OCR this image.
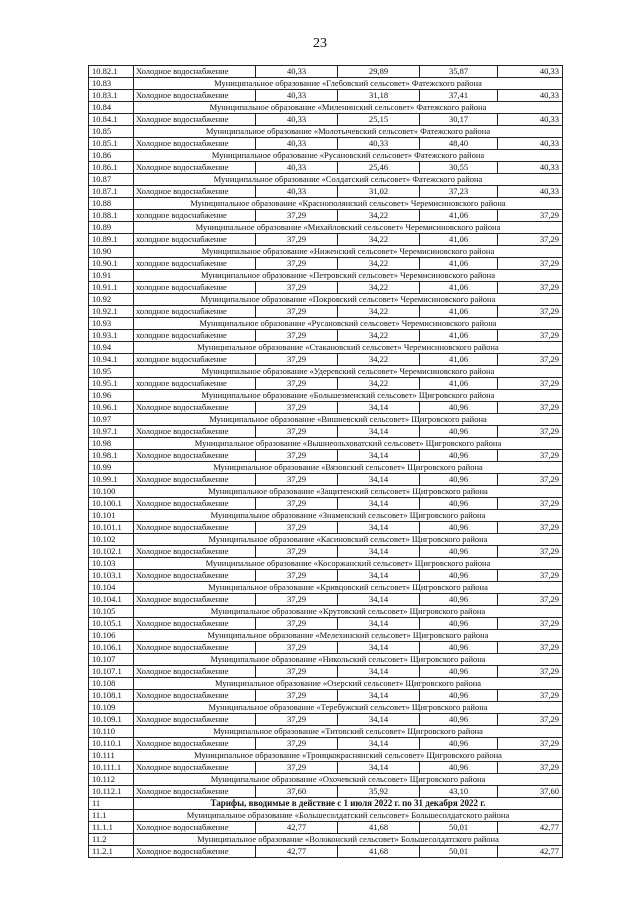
23
10.82.1	Холодное водоснабжение	40,33	29,89	35,87	40,33
10.83	Муниципальное образование «Глебовский сельсовет» Фатежского района				
10.83.1	Холодное водоснабжение	40,33	31,18	37,41	40,33
10.84	Муниципальное образование «Миленинский сельсовет» Фатежского района				
10.84.1	Холодное водоснабжение	40,33	25,15	30,17	40,33
10.85	Муниципальное образование «Молотычевский сельсовет» Фатежского района				
10.85.1	Холодное водоснабжение	40,33	40,33	48,40	40,33
10.86	Муниципальное образование «Русановский сельсовет» Фатежского района				
10.86.1	Холодное водоснабжение	40,33	25,46	30,55	40,33
10.87	Муниципальное образование «Солдатский сельсовет» Фатежского района				
10.87.1	Холодное водоснабжение	40,33	31,02	37,23	40,33
10.88	Муниципальное образование «Краснополянский сельсовет» Черемисиновского района				
10.88.1	холодное водоснабжение	37,29	34,22	41,06	37,29
10.89	Муниципальное образование «Михайловский сельсовет» Черемисиновского района				
10.89.1	холодное водоснабжение	37,29	34,22	41,06	37,29
10.90	Муниципальное образование «Ниженский сельсовет» Черемисиновского района				
10.90.1	холодное водоснабжение	37,29	34,22	41,06	37,29
10.91	Муниципальное образование «Петровский сельсовет» Черемисиновского района				
10.91.1	холодное водоснабжение	37,29	34,22	41,06	37,29
10.92	Муниципальное образование «Покровский сельсовет» Черемисиновского района				
10.92.1	холодное водоснабжение	37,29	34,22	41,06	37,29
10.93	Муниципальное образование «Русановский сельсовет» Черемисиновского района				
10.93.1	холодное водоснабжение	37,29	34,22	41,06	37,29
10.94	Муниципальное образование «Стакановский сельсовет» Черемисиновского района				
10.94.1	холодное водоснабжение	37,29	34,22	41,06	37,29
10.95	Муниципальное образование «Удеревский сельсовет» Черемисиновского района				
10.95.1	холодное водоснабжение	37,29	34,22	41,06	37,29
10.96	Муниципальное образование «Большезменский сельсовет» Щигровского района				
10.96.1	Холодное водоснабжение	37,29	34,14	40,96	37,29
10.97	Муниципальное образование «Вишневский сельсовет» Щигровского района				
10.97.1	Холодное водоснабжение	37,29	34,14	40,96	37,29
10.98	Муниципальное образование «Вышнеольховатский сельсовет» Щигровского района				
10.98.1	Холодное водоснабжение	37,29	34,14	40,96	37,29
10.99	Муниципальное образование «Вязовский сельсовет» Щигровского района				
10.99.1	Холодное водоснабжение	37,29	34,14	40,96	37,29
10.100	Муниципальное образование «Защитенский сельсовет» Щигровского района				
10.100.1	Холодное водоснабжение	37,29	34,14	40,96	37,29
10.101	Муниципальное образование «Знаменский сельсовет» Щигровского района				
10.101.1	Холодное водоснабжение	37,29	34,14	40,96	37,29
10.102	Муниципальное образование «Касиновский сельсовет» Щигровского района				
10.102.1	Холодное водоснабжение	37,29	34,14	40,96	37,29
10.103	Муниципальное образование «Косоржанский сельсовет» Щигровского района				
10.103.1	Холодное водоснабжение	37,29	34,14	40,96	37,29
10.104	Муниципальное образование «Кривцовский сельсовет» Щигровского района				
10.104.1	Холодное водоснабжение	37,29	34,14	40,96	37,29
10.105	Муниципальное образование «Крутовский сельсовет» Щигровского района				
10.105.1	Холодное водоснабжение	37,29	34,14	40,96	37,29
10.106	Муниципальное образование «Мелехинский сельсовет» Щигровского района				
10.106.1	Холодное водоснабжение	37,29	34,14	40,96	37,29
10.107	Муниципальное образование «Никольский сельсовет» Щигровского района				
10.107.1	Холодное водоснабжение	37,29	34,14	40,96	37,29
10.108	Муниципальное образование «Озерский сельсовет» Щигровского района				
10.108.1	Холодное водоснабжение	37,29	34,14	40,96	37,29
10.109	Муниципальное образование «Теребужский сельсовет» Щигровского района				
10.109.1	Холодное водоснабжение	37,29	34,14	40,96	37,29
10.110	Муниципальное образование «Титовский сельсовет» Щигровского района				
10.110.1	Холодное водоснабжение	37,29	34,14	40,96	37,29
10.111	Муниципальное образование «Троицкокраснянский сельсовет» Щигровского района				
10.111.1	Холодное водоснабжение	37,29	34,14	40,96	37,29
10.112	Муниципальное образование «Охочевский сельсовет» Щигровского района				
10.112.1	Холодное водоснабжение	37,60	35,92	43,10	37,60
11	Тарифы, вводимые в действие с 1 июля 2022 г. по 31 декабря 2022 г.				
11.1	Муниципальное образование «Большесолдатский сельсовет» Большесолдатского района				
11.1.1	Холодное водоснабжение	42,77	41,68	50,01	42,77
11.2	Муниципальное образование «Волоконский сельсовет» Большесолдатского района				
11.2.1	Холодное водоснабжение	42,77	41,68	50,01	42,77
